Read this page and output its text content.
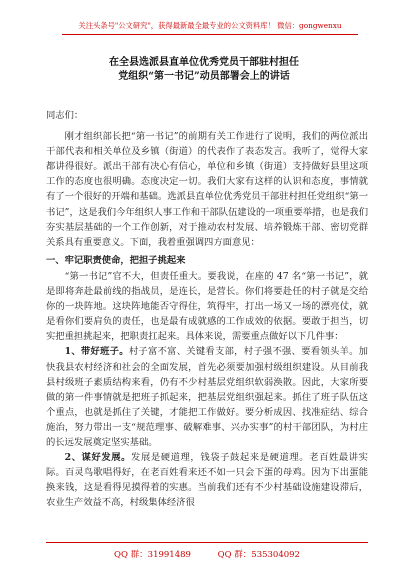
关注头条号"公文研究"，获得最新最全最专业的公文资料库！ 微信：gongwenxu
在全县选派县直单位优秀党员干部驻村担任
党组织“第一书记”动员部署会上的讲话

同志们：

刚才组织部长把“第一书记”的前期有关工作进行了说明，我们的两位派出干部代表和相关单位及乡镇（街道）的代表作了表态发言。我听了，觉得大家都讲得很好。派出干部有决心有信心，单位和乡镇（街道）支持做好县里这项工作的态度也很明确。态度决定一切。我们大家有这样的认识和态度，事情就有了一个很好的开端和基础。选派县直单位优秀党员干部驻村担任党组织“第一书记”，这是我们今年组织人事工作和干部队伍建设的一项重要举措，也是我们夯实基层基础的一个工作创新，对于推动农村发展、培养锻炼干部、密切党群关系具有重要意义。下面，我着重强调四方面意见：

一、牢记职责使命，把担子挑起来

“第一书记”官不大，但责任重大。要我说，在座的 47 名“第一书记”，就是即将奔赴最前线的指战员，是连长，是营长。你们将要赴任的村子就是交给你的一块阵地。这块阵地能否守得住，筑得牢，打出一场又一场的漂亮仗，就是看你们要肩负的责任，也是最有成就感的工作成效的依据。要敢于担当，切实把重担挑起来，把职责扛起来。具体来说，需要重点做好以下几件事：

1、带好班子。村子富不富、关键看支部，村子强不强、要看领头羊。加快我县农村经济和社会的全面发展，首先必须要加强村级组织建设。从目前我县村级班子素质结构来看，仍有不少村基层党组织软弱涣散。因此，大家所要做的第一件事情就是把班子抓起来，把基层党组织强起来。抓住了班子队伍这个重点，也就是抓住了关键，才能把工作做好。要分析成因、找准症结、综合施治，努力带出一支“规范理事、破解难事、兴办实事”的村干部团队，为村庄的长远发展奠定坚实基础。

2、谋好发展。发展是硬道理，钱袋子鼓起来是硬道理。老百姓最讲实际。百灵鸟歌唱得好，在老百姓看来还不如一只会下蛋的母鸡。因为下出蛋能换来钱，这是看得见摸得着的实惠。当前我们还有不少村基础设施建设滞后，农业生产效益不高，村级集体经济很

QQ 群：31991489	QQ 群：535304092
